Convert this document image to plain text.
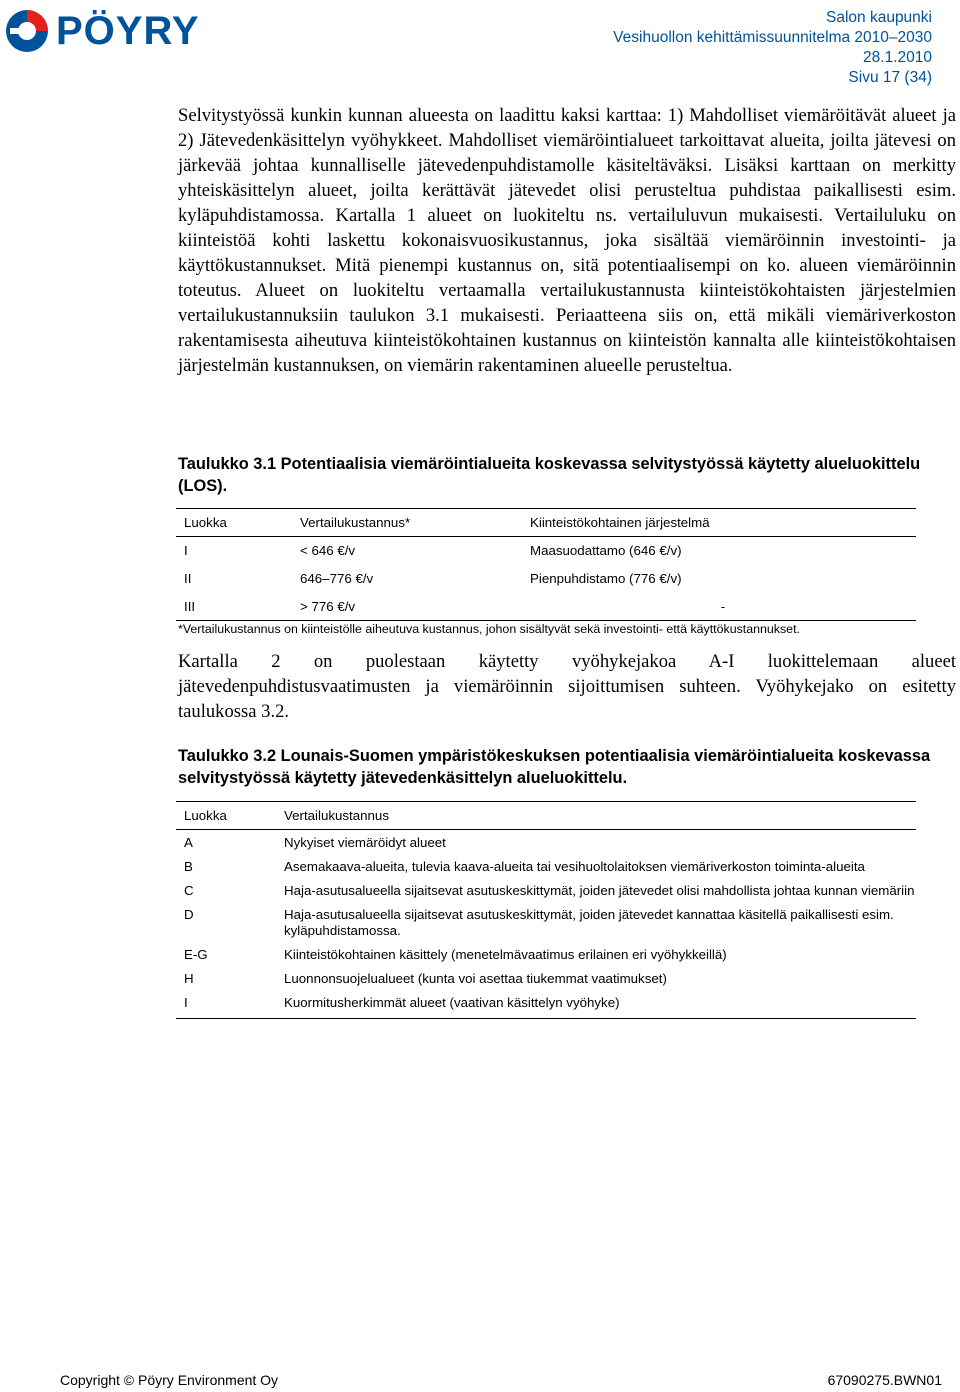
PÖYRY	Salon kaupunki
Vesihuollon kehittämissuunnitelma 2010–2030
28.1.2010
Sivu 17 (34)

Selvitystyössä kunkin kunnan alueesta on laadittu kaksi karttaa: 1) Mahdolliset viemäröitävät alueet ja 2) Jätevedenkäsittelyn vyöhykkeet. Mahdolliset viemäröintialueet tarkoittavat alueita, joilta jätevesi on järkevää johtaa kunnalliselle jätevedenpuhdistamolle käsiteltäväksi. Lisäksi karttaan on merkitty yhteiskäsittelyn alueet, joilta kerättävät jätevedet olisi perusteltua puhdistaa paikallisesti esim. kyläpuhdistamossa. Kartalla 1 alueet on luokiteltu ns. vertailuluvun mukaisesti. Vertailuluku on kiinteistöä kohti laskettu kokonaisvuosikustannus, joka sisältää viemäröinnin investointi- ja käyttökustannukset. Mitä pienempi kustannus on, sitä potentiaalisempi on ko. alueen viemäröinnin toteutus. Alueet on luokiteltu vertaamalla vertailukustannusta kiinteistökohtaisten järjestelmien vertailukustannuksiin taulukon 3.1 mukaisesti. Periaatteena siis on, että mikäli viemäriverkoston rakentamisesta aiheutuva kiinteistökohtainen kustannus on kiinteistön kannalta alle kiinteistökohtaisen järjestelmän kustannuksen, on viemärin rakentaminen alueelle perusteltua.

Taulukko 3.1 Potentiaalisia viemäröintialueita koskevassa selvitystyössä käytetty alueluokittelu (LOS).

Luokka	Vertailukustannus*	Kiinteistökohtainen järjestelmä
I	< 646 €/v	Maasuodattamo (646 €/v)
II	646–776 €/v	Pienpuhdistamo (776 €/v)
III	> 776 €/v	-
*Vertailukustannus on kiinteistölle aiheutuva kustannus, johon sisältyvät sekä investointi- että käyttökustannukset.

Kartalla 2 on puolestaan käytetty vyöhykejakoa A-I luokittelemaan alueet jätevedenpuhdistusvaatimusten ja viemäröinnin sijoittumisen suhteen. Vyöhykejako on esitetty taulukossa 3.2.

Taulukko 3.2 Lounais-Suomen ympäristökeskuksen potentiaalisia viemäröintialueita koskevassa selvitystyössä käytetty jätevedenkäsittelyn alueluokittelu.

Luokka	Vertailukustannus
A	Nykyiset viemäröidyt alueet
B	Asemakaava-alueita, tulevia kaava-alueita tai vesihuoltolaitoksen viemäriverkoston toiminta-alueita
C	Haja-asutusalueella sijaitsevat asutuskeskittymät, joiden jätevedet olisi mahdollista johtaa kunnan viemäriin
D	Haja-asutusalueella sijaitsevat asutuskeskittymät, joiden jätevedet kannattaa käsitellä paikallisesti esim. kyläpuhdistamossa.
E-G	Kiinteistökohtainen käsittely (menetelmävaatimus erilainen eri vyöhykkeillä)
H	Luonnonsuojelualueet (kunta voi asettaa tiukemmat vaatimukset)
I	Kuormitusherkimmät alueet (vaativan käsittelyn vyöhyke)
Copyright © Pöyry Environment Oy	67090275.BWN01
